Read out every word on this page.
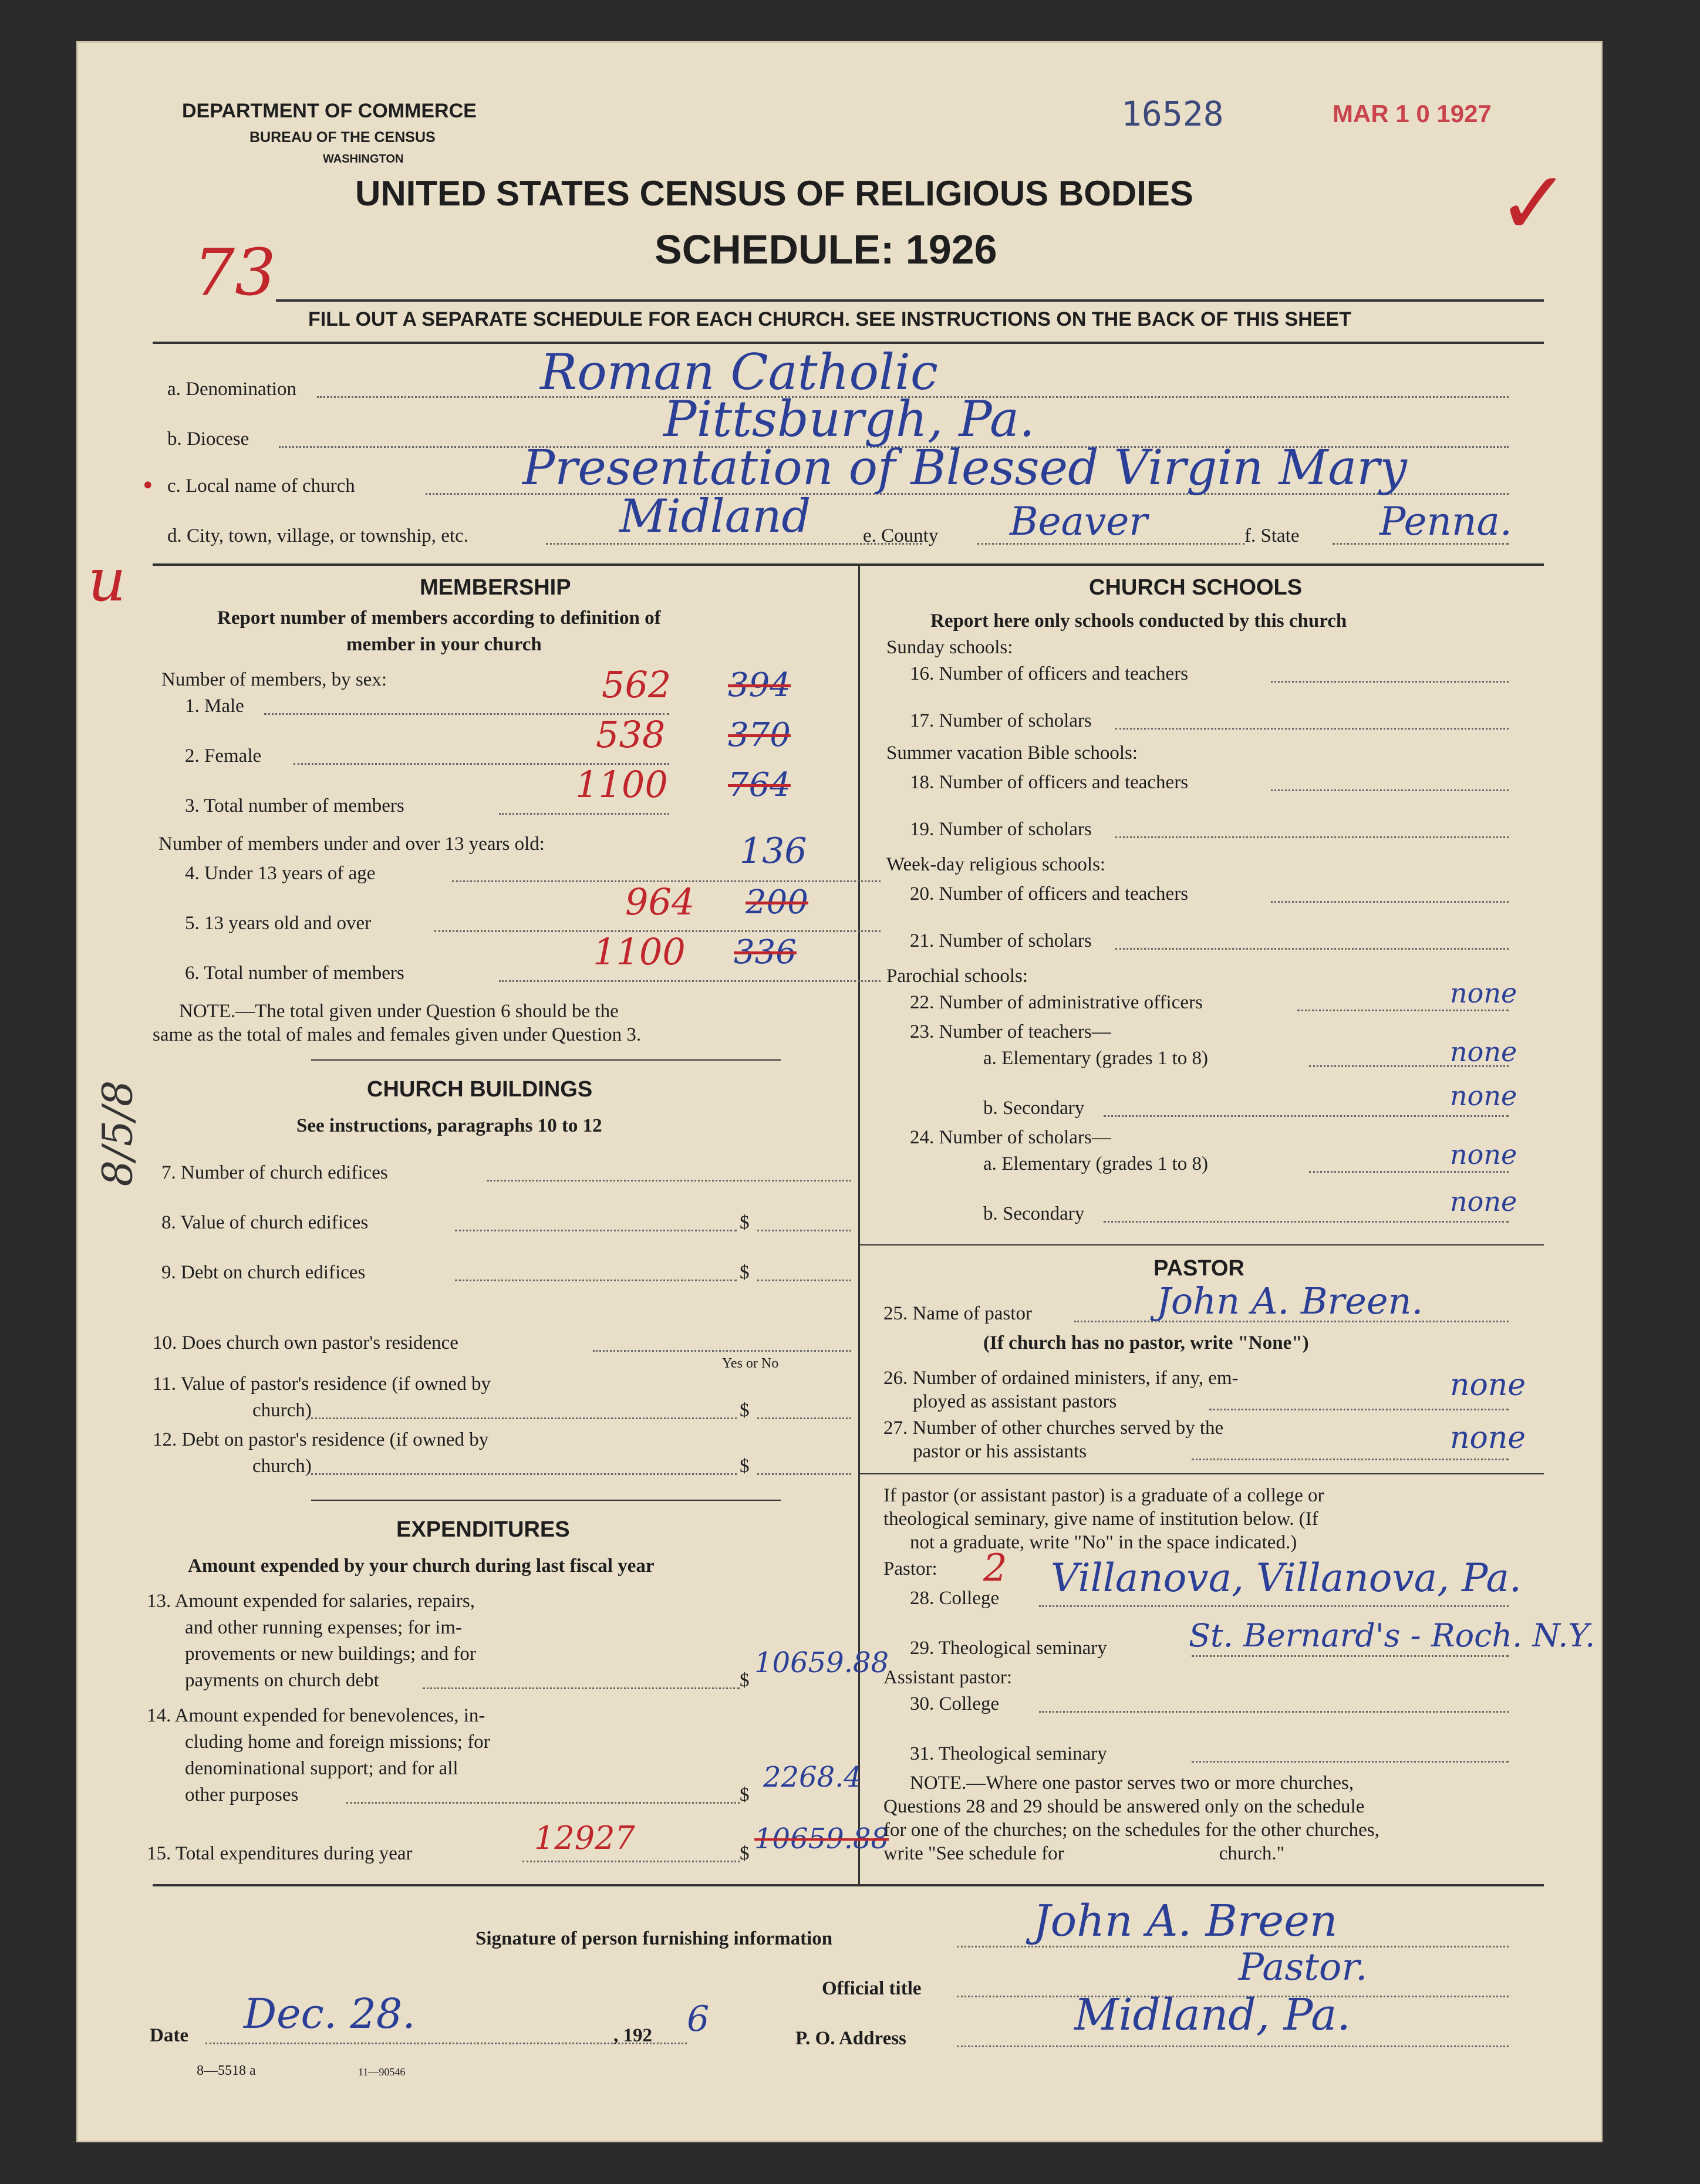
DEPARTMENT OF COMMERCE
BUREAU OF THE CENSUS
WASHINGTON
16528	MAR 1 0 1927
✓
UNITED STATES CENSUS OF RELIGIOUS BODIES
SCHEDULE: 1926
73
FILL OUT A SEPARATE SCHEDULE FOR EACH CHURCH. SEE INSTRUCTIONS ON THE BACK OF THIS SHEET
a. Denomination	Roman Catholic
b. Diocese	Pittsburgh, Pa.
c. Local name of church	Presentation of Blessed Virgin Mary
•
d. City, town, village, or township, etc.	Midland	e. County Beaver	f. State Penna.
u
8/5/8
MEMBERSHIP
Report number of members according to definition of
member in your church
Number of members, by sex:
1. Male	562 394
2. Female	538 370
3. Total number of members	1100 764
Number of members under and over 13 years old:
4. Under 13 years of age
136
5. 13 years old and over	964 200
6. Total number of members	1100 336
NOTE.—The total given under Question 6 should be the
same as the total of males and females given under Question 3.
CHURCH BUILDINGS
See instructions, paragraphs 10 to 12
7. Number of church edifices
8. Value of church edifices	$
9. Debt on church edifices	$
10. Does church own pastor's residence
Yes or No
11. Value of pastor's residence (if owned by
church)	$
12. Debt on pastor's residence (if owned by
church)	$
EXPENDITURES
Amount expended by your church during last fiscal year
13. Amount expended for salaries, repairs,
and other running expenses; for im-
provements or new buildings; and for
payments on church debt	$
10659.88
14. Amount expended for benevolences, in-
cluding home and foreign missions; for
denominational support; and for all
other purposes	$
2268.4
15. Total expenditures during year	12927	$ 10659.88
CHURCH SCHOOLS
Report here only schools conducted by this church
Sunday schools:
16. Number of officers and teachers
17. Number of scholars
Summer vacation Bible schools:
18. Number of officers and teachers
19. Number of scholars
Week-day religious schools:
20. Number of officers and teachers
21. Number of scholars
Parochial schools:
22. Number of administrative officers	none
23. Number of teachers—
a. Elementary (grades 1 to 8)	none
b. Secondary	none
24. Number of scholars—
a. Elementary (grades 1 to 8)	none
b. Secondary	none
PASTOR
25. Name of pastor	John A. Breen.
(If church has no pastor, write "None")
26. Number of ordained ministers, if any, em-
ployed as assistant pastors	none
27. Number of other churches served by the
pastor or his assistants	none
If pastor (or assistant pastor) is a graduate of a college or
theological seminary, give name of institution below. (If
not a graduate, write "No" in the space indicated.)
Pastor: 2
28. College Villanova, Villanova, Pa.
29. Theological seminary	St. Bernard's - Roch. N.Y.
Assistant pastor:
30. College
31. Theological seminary
NOTE.—Where one pastor serves two or more churches,
Questions 28 and 29 should be answered only on the schedule
for one of the churches; on the schedules for the other churches,
write "See schedule for                                church."
Signature of person furnishing information	John A. Breen
Official title	Pastor.
Date Dec. 28.	, 192 6	P. O. Address	Midland, Pa.
8—5518 a	11—90546
